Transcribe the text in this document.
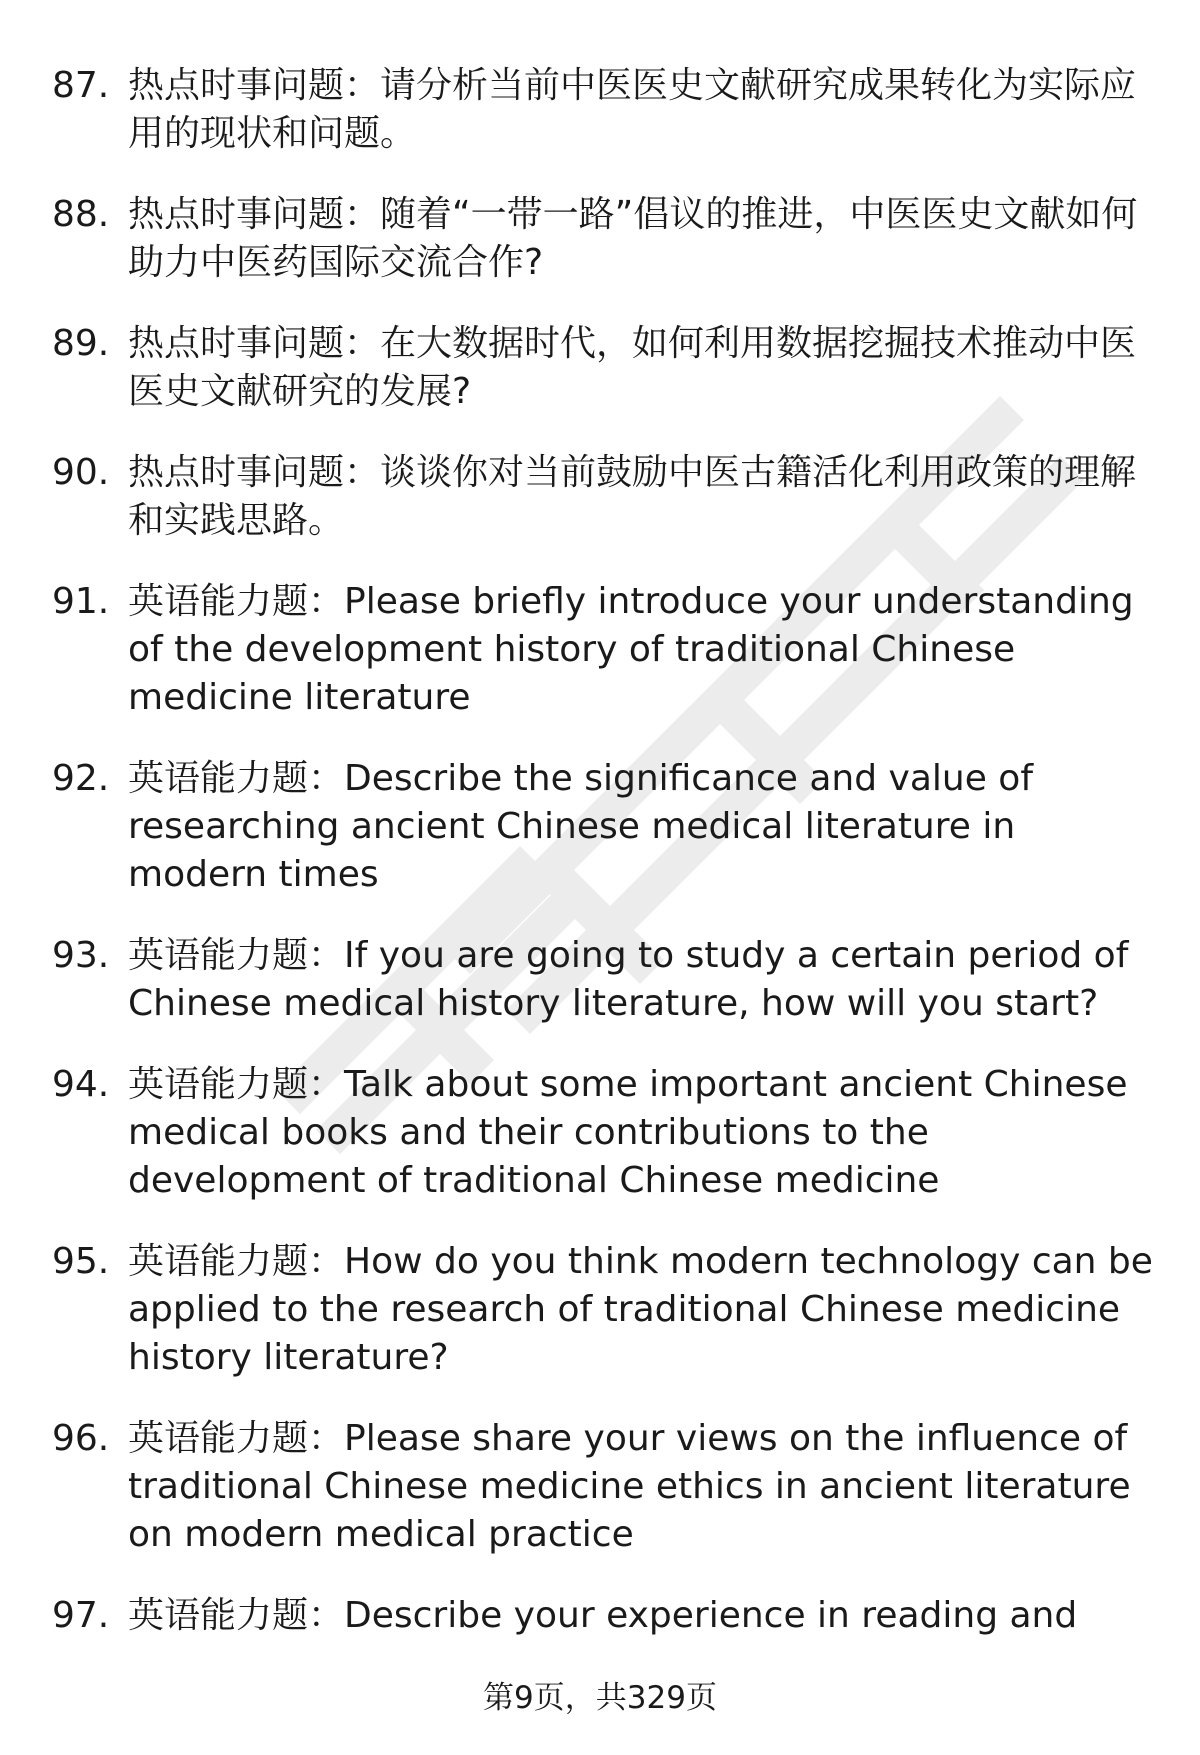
87. 热点时事问题：请分析当前中医医史文献研究成果转化为实际应用的现状和问题。
88. 热点时事问题：随着“一带一路”倡议的推进，中医医史文献如何助力中医药国际交流合作?
89. 热点时事问题：在大数据时代，如何利用数据挖掘技术推动中医医史文献研究的发展?
90. 热点时事问题：谈谈你对当前鼓励中医古籍活化利用政策的理解和实践思路。
91. 英语能力题：Please briefly introduce your understanding of the development history of traditional Chinese medicine literature
92. 英语能力题：Describe the significance and value of researching ancient Chinese medical literature in modern times
93. 英语能力题：If you are going to study a certain period of Chinese medical history literature, how will you start?
94. 英语能力题：Talk about some important ancient Chinese medical books and their contributions to the development of traditional Chinese medicine
95. 英语能力题：How do you think modern technology can be applied to the research of traditional Chinese medicine history literature?
96. 英语能力题：Please share your views on the influence of traditional Chinese medicine ethics in ancient literature on modern medical practice
97. 英语能力题：Describe your experience in reading and
第9页，共329页
